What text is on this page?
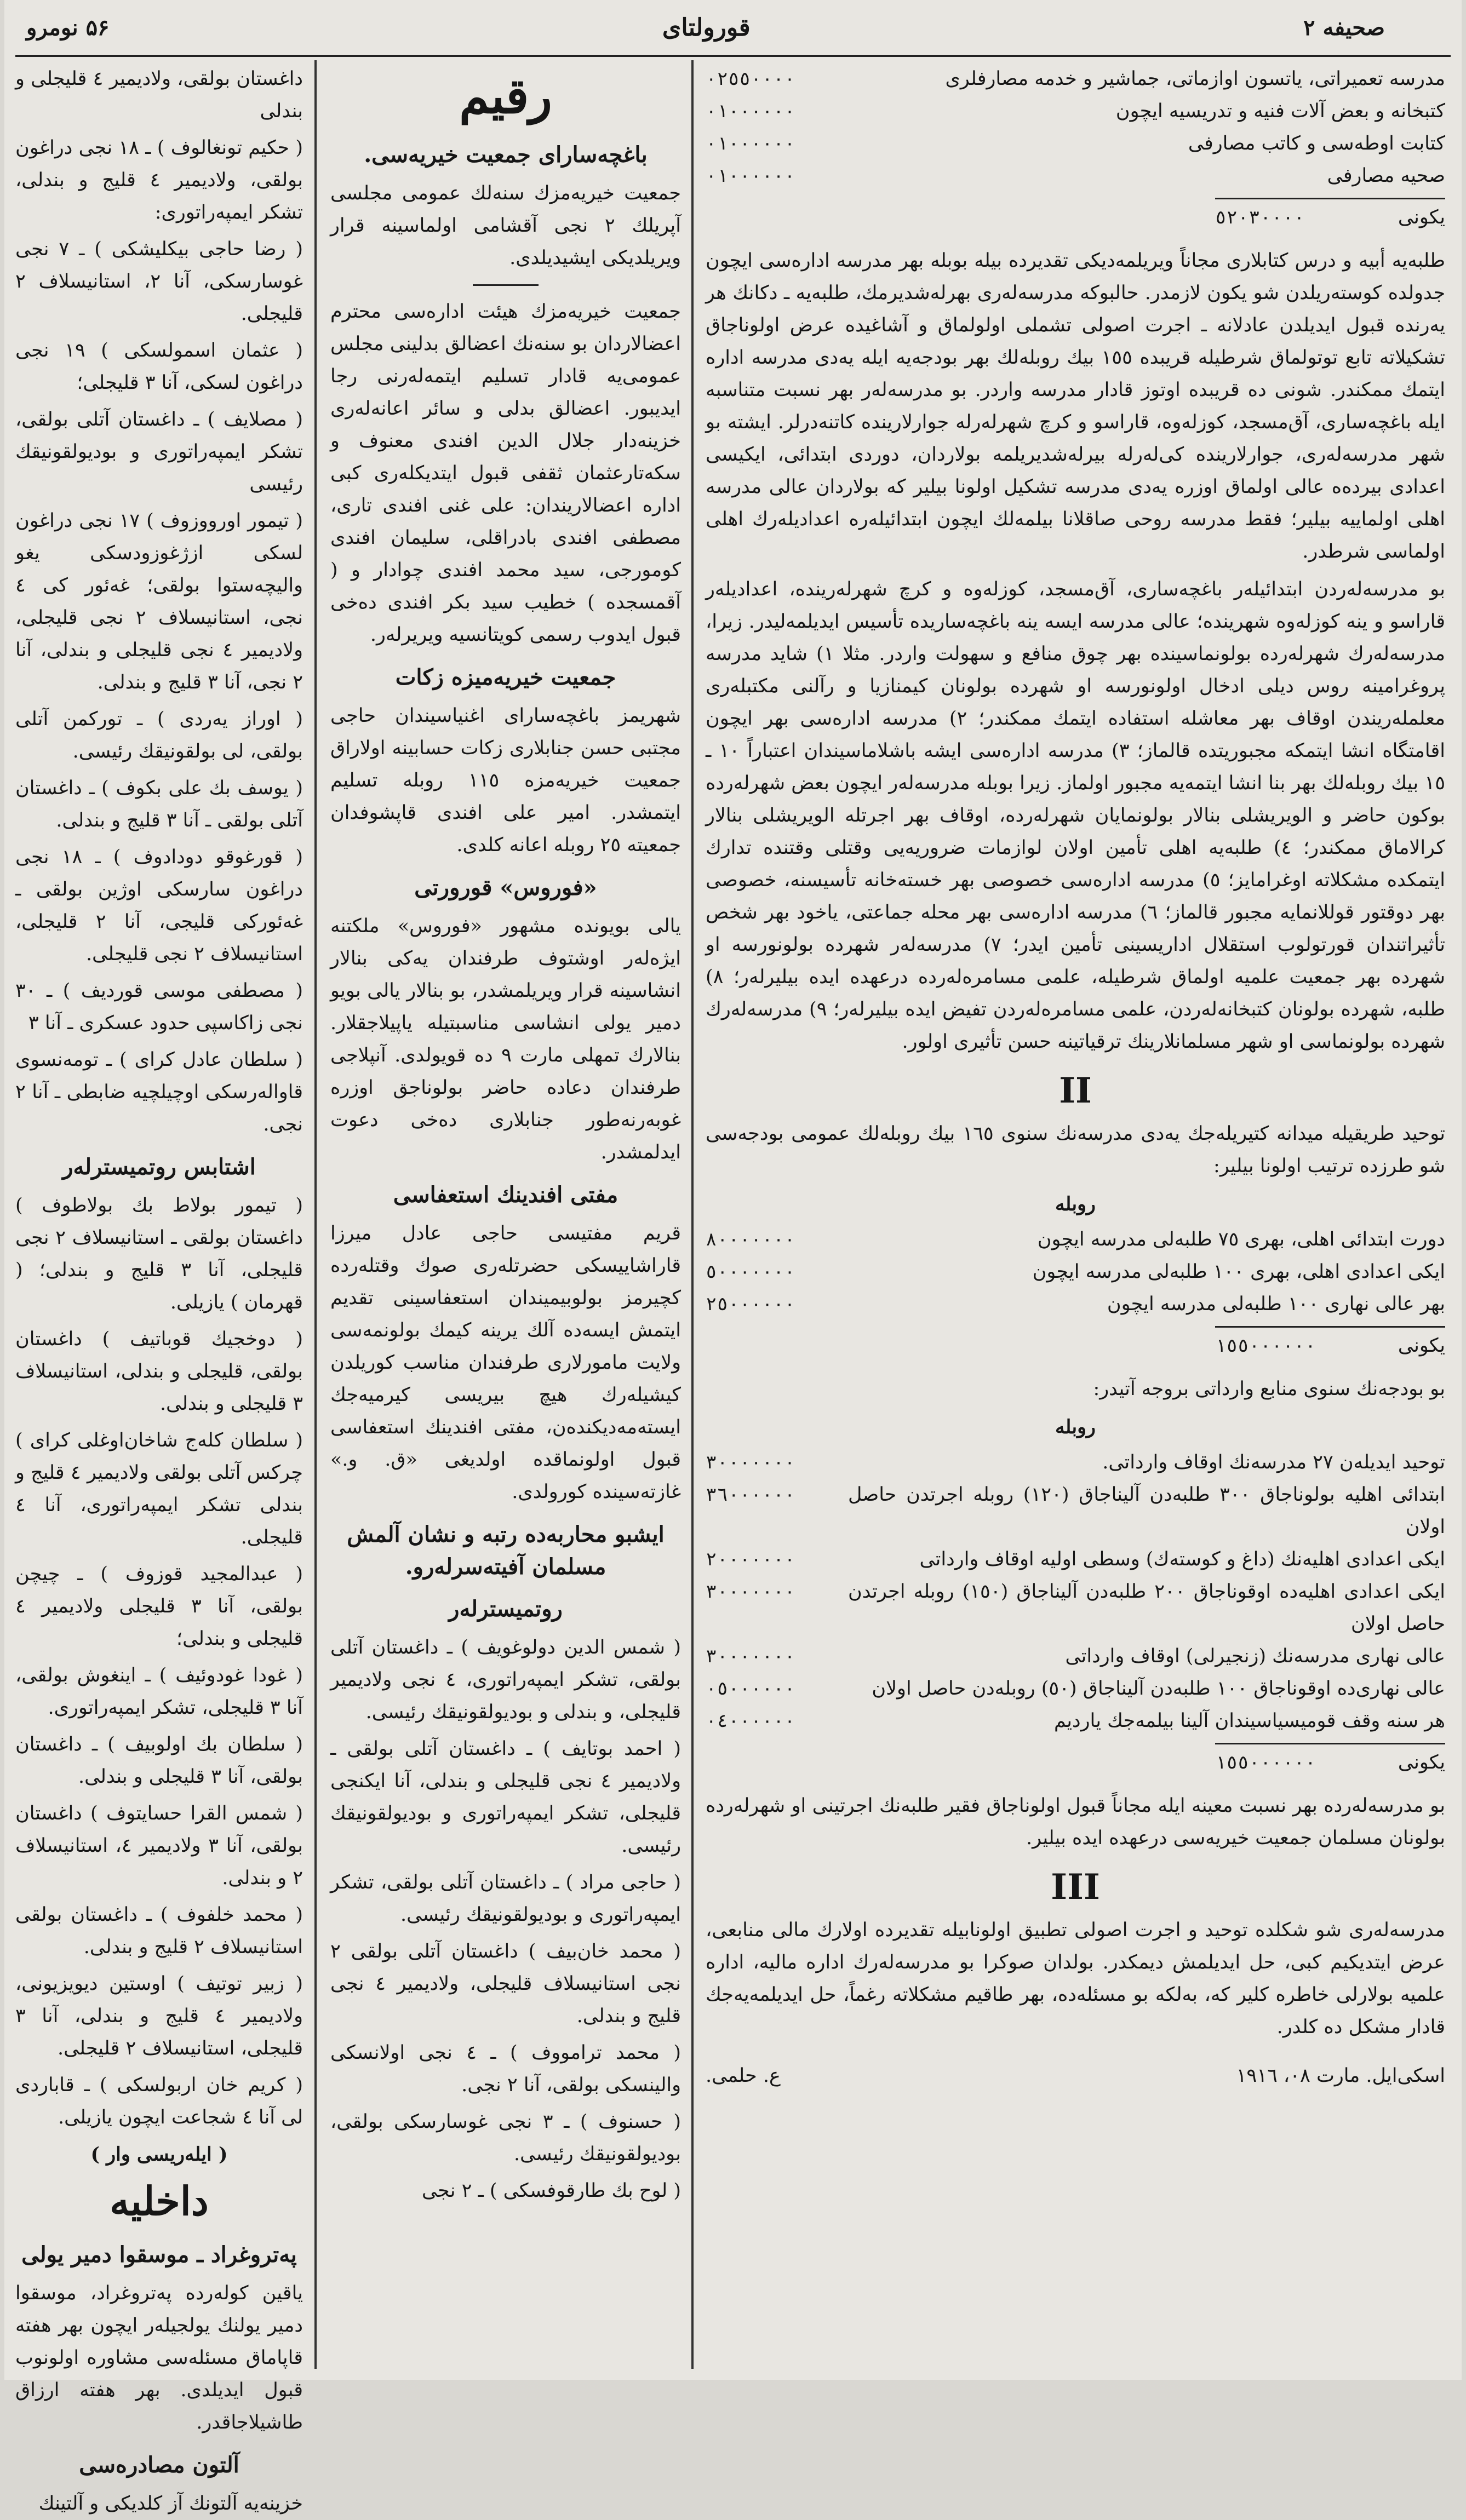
صحیفه ۲
قورولتای
۵۶ نومرو
مدرسه تعمیراتی، یاتسون اوازماتی، جماشیر و خدمه مصارفلری
٠٢٥٥٠٠٠٠
کتبخانه و بعض آلات فنیه و تدریسیه ایچون
٠١٠٠٠٠٠٠
کتابت اوطه‌سی و کاتب مصارفی
٠١٠٠٠٠٠٠
صحیه مصارفی
٠١٠٠٠٠٠٠
یکونی
٥٢٠٣٠٠٠٠

طلبه‌یه أبیه و درس کتابلاری مجاناً ویریلمه‌دیکی تقدیرده بیله بوبله بهر مدرسه ادارەسی ایچون جدولده کوستەریلدن شو یکون لازمدر. حالبوکه مدرسه‌لەری بهرلەشدیرمك، طلبەیه ـ دکانك هر یه‌رنده قبول ایدیلدن عادلانه ـ اجرت اصولی تشملی اولولماق و آشاغیده عرض اولوناجاق تشکیلاته تابع توتولماق شرطیله قریبده ١٥٥ بیك روبله‌لك بهر بودجه‌یه ایله یه‌دی مدرسه اداره ایتمك ممکندر. شونی ده قریبده اوتوز قادار مدرسه واردر. بو مدرسه‌لەر بهر نسبت متناسبه ایله باغچه‌ساری، آق‌مسجد، کوزلەوه، قاراسو و کرچ شهرلەرله جوارلارینده کاتنەدرلر. ایشته بو شهر مدرسه‌لەری، جوارلارینده کی‌لەرله بیرلەشدیریلمه بولاردان، دوردی ابتدائی، ایکیسی اعدادی بیرده‌ه عالی اولماق اوزره یه‌دی مدرسه تشکیل اولونا بیلیر که بولاردان عالی مدرسه اهلی اولماییه بیلیر؛ فقط مدرسه روحی صاقلانا بیلمه‌لك ایچون ابتدائیلەره اعدادیلەرك اهلی اولماسی شرطدر.

بو مدرسه‌لەردن ابتدائیلەر باغچه‌ساری، آق‌مسجد، کوزلەوه و کرچ شهرلەرینده، اعدادیلەر قاراسو و ینه کوزلەوه شهرینده؛ عالی مدرسه ایسه ینه باغچه‌ساریده تأسیس ایدیلمه‌لیدر. زیرا، مدرسه‌لەرك شهرلەرده بولونماسینده بهر چوق منافع و سهولت واردر. مثلا ١) شاید مدرسه پروغرامینه روس دیلی ادخال اولونورسه او شهرده بولونان کیمنازیا و رآلنی مکتبلەری معلملەریندن اوقاف بهر معاشله استفاده ایتمك ممکندر؛ ٢) مدرسه ادارەسی بهر ایچون اقامتگاه انشا ایتمکه مجبوریتده قالماز؛ ٣) مدرسه ادارەسی ایشه باشلاماسیندان اعتباراً ١٠ ـ ١٥ بیك روبله‌لك بهر بنا انشا ایتمه‌یه مجبور اولماز. زیرا بوبله مدرسه‌لەر ایچون بعض شهرلەرده بوکون حاضر و الویریشلی بنالار بولونمایان شهرلەرده، اوقاف بهر اجرتله الویریشلی بنالار کرالاماق ممکندر؛ ٤) طلبه‌یه اهلی تأمین اولان لوازمات ضروریه‌یی وقتلی وقتنده تدارك ایتمکده مشکلاته اوغرامایز؛ ٥) مدرسه ادارەسی خصوصی بهر خستەخانه تأسیسنه، خصوصی بهر دوقتور قوللانمایه مجبور قالماز؛ ٦) مدرسه ادارەسی بهر محله جماعتی، یاخود بهر شخص تأثیراتندان قورتولوب استقلال اداریسینی تأمین ایدر؛ ٧) مدرسه‌لەر شهرده بولونورسه او شهرده بهر جمعیت علمیه اولماق شرطیله، علمی مسامره‌لەرده درعهده ایده بیلیرلەر؛ ٨) طلبه، شهرده بولونان کتبخانه‌لەردن، علمی مسامره‌لەردن تفیض ایده بیلیرلەر؛ ٩) مدرسه‌لەرك شهرده بولونماسی او شهر مسلمانلارینك ترقیاتینه حسن تأثیری اولور.

II

توحید طریقیله میدانه کتیریله‌جك یه‌دی مدرسه‌نك سنوی ١٦٥ بیك روبله‌لك عمومی بودجه‌سی شو طرزده ترتیب اولونا بیلیر:

روبله
دورت ابتدائی اهلی، بهری ٧٥ طلبه‌لی مدرسه ایچون
٨٠٠٠٠٠٠٠
ایکی اعدادی اهلی، بهری ١٠٠ طلبه‌لی مدرسه ایچون
٥٠٠٠٠٠٠٠
بهر عالی نهاری ١٠٠ طلبه‌لی مدرسه ایچون
٢٥٠٠٠٠٠٠
یکونی
١٥٥٠٠٠٠٠٠

بو بودجه‌نك سنوی منابع وارداتی بروجه آتیدر:

روبله
توحید ایدیلەن ٢٧ مدرسه‌نك اوقاف وارداتی.
٣٠٠٠٠٠٠٠
ابتدائی اهلیه بولوناجاق ٣٠٠ طلبەدن آلیناجاق (١٢٠) روبله اجرتدن حاصل اولان
٣٦٠٠٠٠٠٠
ایکی اعدادی اهلیه‌نك (داغ و کوستەك) وسطی اولیه اوقاف وارداتی
٢٠٠٠٠٠٠٠
ایکی اعدادی اهلیه‌ده اوقوناجاق ٢٠٠ طلبەدن آلیناجاق (١٥٠) روبله اجرتدن حاصل اولان
٣٠٠٠٠٠٠٠
عالی نهاری مدرسه‌نك (زنجیرلی) اوقاف وارداتی
٣٠٠٠٠٠٠٠
عالی نهاری‌ده اوقوناجاق ١٠٠ طلبەدن آلیناجاق (٥٠) روبله‌دن حاصل اولان
٠٥٠٠٠٠٠٠
هر سنه وقف قومیسیاسیندان آلینا بیلمه‌جك یاردیم
٠٤٠٠٠٠٠٠
یکونی
١٥٥٠٠٠٠٠٠

بو مدرسه‌لەرده بهر نسبت معینه ایله مجاناً قبول اولوناجاق فقیر طلبه‌نك اجرتینی او شهرلەرده بولونان مسلمان جمعیت خیریه‌سی درعهده ایده بیلیر.

III

مدرسه‌لەری شو شکلده توحید و اجرت اصولی تطبیق اولونابیله تقدیرده اولارك مالی منابعی، عرض ایتدیکیم کبی، حل ایدیلمش دیمکدر. بولدان صوکرا بو مدرسه‌لەرك اداره مالیه، اداره علمیه بولارلی خاطره کلیر که، بەلکه بو مسئله‌ده، بهر طاقیم مشکلاته رغماً، حل ایدیلمه‌یه‌جك قادار مشکل ده کلدر.

اسکی‌ایل. مارت ٠٨، ١٩١٦
ع. حلمی.
رقیم
باغچه‌سارای جمعیت خیریه‌سی.

جمعیت خیریه‌مزك سنه‌لك عمومی مجلسی آپریلك ٢ نجی آقشامی اولماسینه قرار ویریلدیکی ایشیدیلدی.

جمعیت خیریه‌مزك هیئت ادارەسی محترم اعضالاردان بو سنه‌نك اعضالق بدلینی مجلس عمومی‌یه قادار تسلیم ایتمه‌لەرنی رجا ایدیبور. اعضالق بدلی و سائر اعانه‌لەری خزینه‌دار جلال الدین افندی معنوف و سکەتارعثمان ثقفی قبول ایتدیکلەری کبی ادارە اعضالاریندان: علی غنی افندی تاری، مصطفی افندی بادراقلی، سلیمان افندی کومورجی، سید محمد افندی چوادار و ( آقمسجده ) خطیب سید بکر افندی ده‌خی قبول ایدوب رسمی کویتانسیه ویریرلەر.

جمعیت خیریه‌میزه زکات

شهریمز باغچه‌سارای اغنیاسیندان حاجی مجتبی حسن جنابلاری زکات حسابینه اولاراق جمعیت خیریه‌مزه ١١٥ روبله تسلیم ایتمشدر. امیر علی افندی قاپشوفدان جمعیته ٢٥ روبله اعانه کلدی.

«فوروس» قورورتی

یالی بویونده مشهور «فوروس» ملکتنه ایژه‌لەر اوشتوف طرفندان یه‌کی بنالار انشاسینه قرار ویریلمشدر، بو بنالار یالی بویو دمیر یولی انشاسی مناسبتیله یاپیلاجقلار. بنالارك تمهلی مارت ٩ ده قویولدی. آنپلاجی طرفندان دعاده حاضر بولوناجق اوزره غوبەرنه‌طور جنابلاری ده‌خی دعوت ایدلمشدر.

مفتی افندینك استعفاسی

قریم مفتیسی حاجی عادل میرزا قاراشاییسکی حضرتلەری صوك وقتلەرده کچیرمز بولوبیمیندان استعفاسینی تقدیم ایتمش ایسه‌ده آلك یرینه کیمك بولونمه‌سی ولایت مامورلاری طرفندان مناسب کوریلدن کیشیلەرك هیچ بیریسی کیرمیه‌جك ایستەمه‌دیکنده‌ن، مفتی افندینك استعفاسی قبول اولونماقده اولدیغی «ق. و.» غازته‌سینده کورولدی.

ایشبو محاربه‌ده رتبه و نشان آلمش مسلمان آفیته‌سرلەرو.
روتمیسترلەر

( شمس الدین دولوغویف ) ـ داغستان آتلی بولقی، تشکر ایمپەراتوری، ٤ نجی ولادیمیر قلیجلی، و بندلی و بودیولقونیقك رئیسی.

( احمد بوتایف ) ـ داغستان آتلی بولقی ـ ولادیمیر ٤ نجی قلیجلی و بندلی، آنا ایکنجی قلیجلی، تشکر ایمپەراتوری و بودیولقونیقك رئیسی.

( حاجی مراد ) ـ داغستان آتلی بولقی، تشکر ایمپەراتوری و بودیولقونیقك رئیسی.

( محمد خان‌بیف ) داغستان آتلی بولقی ٢ نجی استانیسلاف قلیجلی، ولادیمیر ٤ نجی قلیج و بندلی.

( محمد ترامووف ) ـ ٤ نجی اولانسکی والینسکی بولقی، آنا ٢ نجی.

( حسنوف ) ـ ٣ نجی غوسارسکی بولقی، بودیولقونیقك رئیسی.

( لوح بك طارقوفسکی ) ـ ٢ نجی

داغستان بولقی، ولادیمیر ٤ قلیجلی و بندلی

( حکیم تونغالوف ) ـ ١٨ نجی دراغون بولقی، ولادیمیر ٤ قلیج و بندلی، تشکر ایمپەراتوری:

( رضا حاجی بیکلیشکی ) ـ ٧ نجی غوسارسکی، آنا ٢، استانیسلاف ٢ قلیجلی.

( عثمان اسمولسکی ) ١٩ نجی دراغون لسکی، آنا ٣ قلیجلی؛

( مصلایف ) ـ داغستان آتلی بولقی، تشکر ایمپەراتوری و بودیولقونیقك رئیسی

( تیمور اورووزوف ) ١٧ نجی دراغون لسکی ازژغوزودسکی یغو والیچه‌ستوا بولقی؛ غه‌ئور کی ٤ نجی، استانیسلاف ٢ نجی قلیجلی، ولادیمیر ٤ نجی قلیجلی و بندلی، آنا ٢ نجی، آنا ٣ قلیج و بندلی.

( اوراز یه‌ردی ) ـ تورکمن آتلی بولقی، لی بولقونیقك رئیسی.

( یوسف بك علی بکوف ) ـ داغستان آتلی بولقی ـ آنا ٣ قلیج و بندلی.

( قورغوقو دودادوف ) ـ ١٨ نجی دراغون سارسکی اوژین بولقی ـ غه‌ئورکی قلیجی، آنا ٢ قلیجلی، استانیسلاف ٢ نجی قلیجلی.

( مصطفی موسی قوردیف ) ـ ٣٠ نجی زاکاسپی حدود عسکری ـ آنا ٣

( سلطان عادل کرای ) ـ تومەنسوی قاوالەرسکی اوچیلچیه ضابطی ـ آنا ٢ نجی.

اشتابس روتمیسترلەر

( تیمور بولاط بك بولاطوف ) داغستان بولقی ـ استانیسلاف ٢ نجی قلیجلی، آنا ٣ قلیج و بندلی؛ ( قهرمان ) یازیلی.

( دوخجیك قوباتیف ) داغستان بولقی، قلیجلی و بندلی، استانیسلاف ٣ قلیجلی و بندلی.

( سلطان کله‌ج شاخان‌اوغلی کرای ) چرکس آتلی بولقی ولادیمیر ٤ قلیج و بندلی تشکر ایمپەراتوری، آنا ٤ قلیجلی.

( عبدالمجید قوزوف ) ـ چیچن بولقی، آنا ٣ قلیجلی ولادیمیر ٤ قلیجلی و بندلی؛

( غودا غودوئیف ) ـ اینغوش بولقی، آنا ٣ قلیجلی، تشکر ایمپەراتوری.

( سلطان بك اولوبیف ) ـ داغستان بولقی، آنا ٣ قلیجلی و بندلی.

( شمس القرا حسایتوف ) داغستان بولقی، آنا ٣ ولادیمیر ٤، استانیسلاف ٢ و بندلی.

( محمد خلفوف ) ـ داغستان بولقی استانیسلاف ٢ قلیج و بندلی.

( زبیر توتیف ) اوستین دیویزیونی، ولادیمیر ٤ قلیج و بندلی، آنا ٣ قلیجلی، استانیسلاف ٢ قلیجلی.

( کریم خان اربولسکی ) ـ قاباردی لی آنا ٤ شجاعت ایچون یازیلی.

( ایلەریسی وار )
داخلیه
پەتروغراد ـ موسقوا دمیر یولی

یاقین کولەرده پەتروغراد، موسقوا دمیر یولنك یولجیلەر ایچون بهر هفته قاپاماق مسئله‌سی مشاوره اولونوب قبول ایدیلدی. بهر هفته ارزاق طاشیلاجاقدر.

آلتون مصادرەسی

خزینه‌یه آلتونك آز کلدیکی و آلتینك
